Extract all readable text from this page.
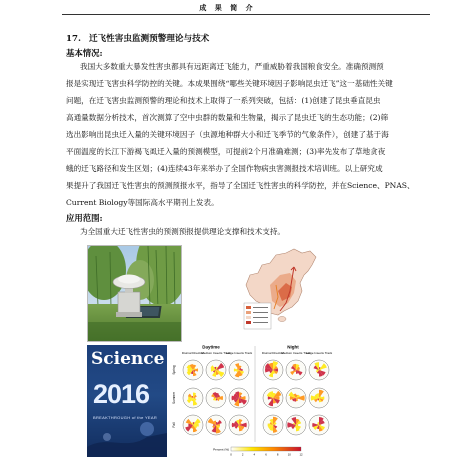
成 果 简 介
17. 迁飞性害虫监测预警理论与技术
基本情况:
我国大多数重大暴发性害虫都具有远距离迁飞能力，严重威胁着我国粮食安全。准确预测预
报是实现迁飞害虫科学防控的关键。本成果围绕“哪些关键环境因子影响昆虫迁飞”这一基础性关键
问题，在迁飞害虫监测预警的理论和技术上取得了一系列突破，包括：(1)创建了昆虫垂直昆虫
高通量数据分析技术，首次测算了空中虫群的数量和生物量，揭示了昆虫迁飞的生态功能；(2)筛
选出影响出昆虫迁入量的关键环境因子（虫源地种群大小和迁飞季节的气象条件），创建了基于海
平面温度的长江下游褐飞虱迁入量的预测模型，可提前2个月准确难测；(3)率先发布了草地贪夜
蛾的迁飞路径和发生区划；(4)连续43年来举办了全国作物病虫害测报技术培训班。以上研究成
果提升了我国迁飞性害虫的预测预报水平，指导了全国迁飞性害虫的科学防控，并在Science、PNAS、
Current Biology等国际高水平期刊上发表。
应用范围:
为全国重大迁飞性害虫的预测预报提供理论支撑和技术支持。
Science
2016
BREAKTHROUGH of the YEAR
Daytime	Night
Diurnal Direction
Medium Insects Track
Large Insects Track	Diurnal Direction
Medium Insects Track
Large Insects Track
Spring
Summer
Fall
Percent (%)
0	2	4	6	8	10	12
